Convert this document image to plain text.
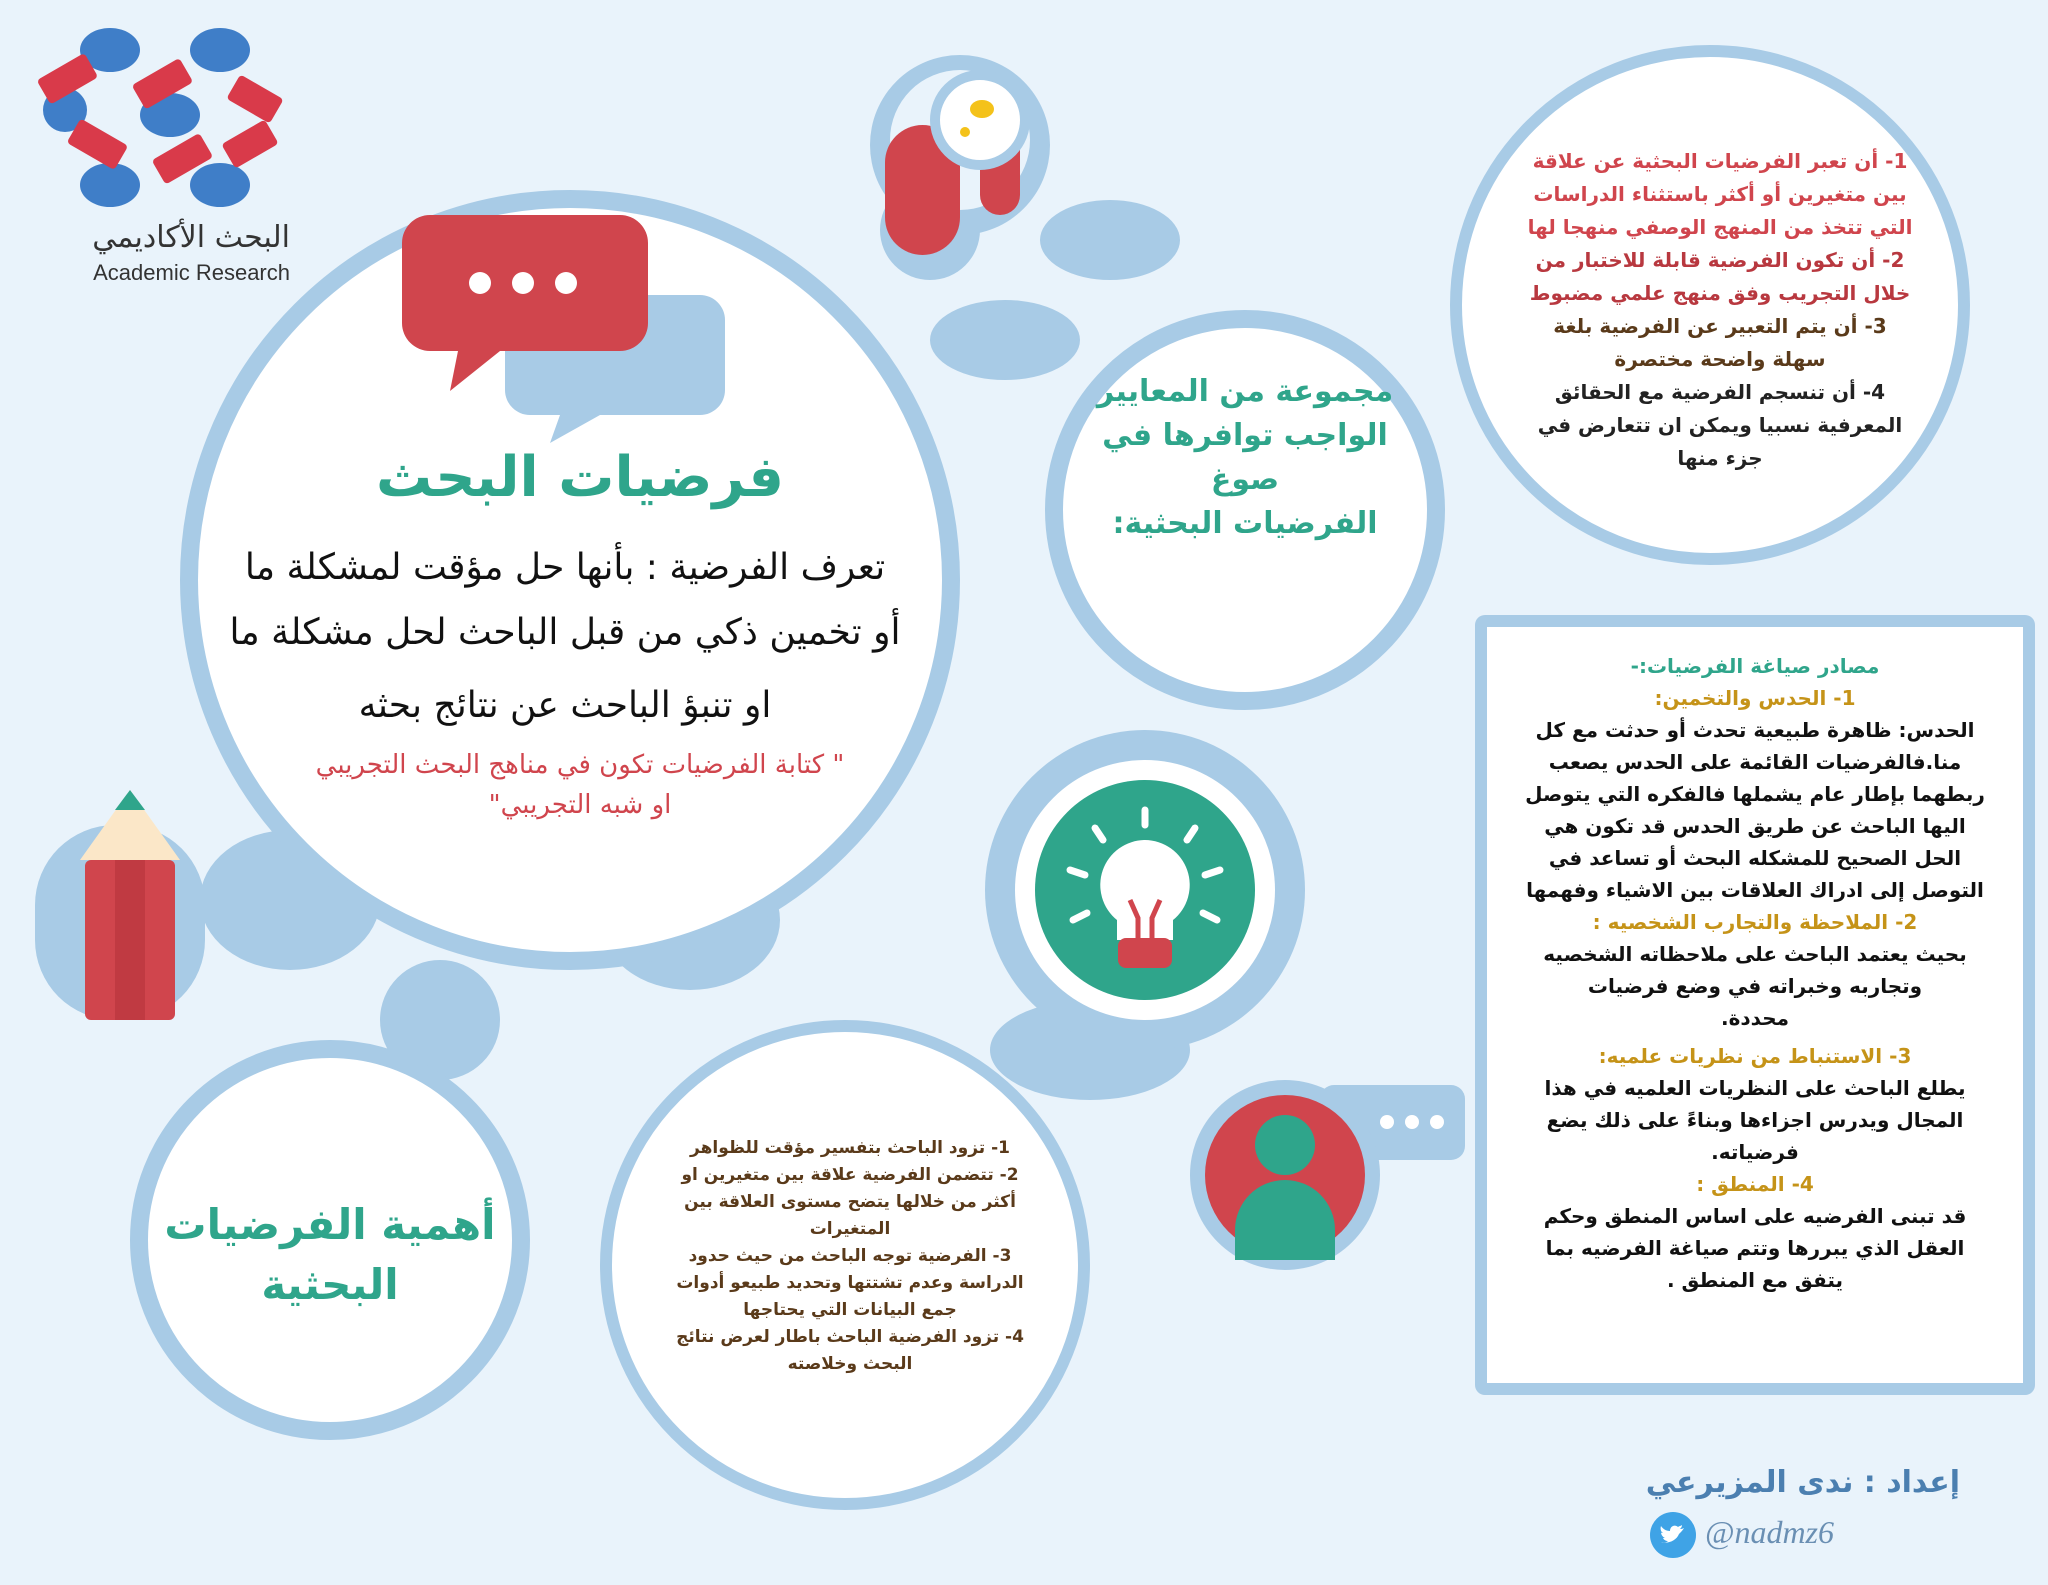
البحث الأكاديمي
Academic Research
فرضيات البحث
تعرف الفرضية : بأنها حل مؤقت لمشكلة ما
أو تخمين ذكي من قبل الباحث لحل مشكلة ما
او تنبؤ الباحث عن نتائج بحثه
" كتابة الفرضيات تكون في مناهج البحث التجريبي
او شبه التجريبي"
مجموعة من المعايير
الواجب توافرها في صوغ
الفرضيات البحثية:
1- أن تعبر الفرضيات البحثية عن علاقة
بين متغيرين أو أكثر باستثناء الدراسات
التي تتخذ من المنهج الوصفي منهجا لها
2- أن تكون الفرضية قابلة للاختبار من
خلال التجريب وفق منهج علمي مضبوط
3- أن يتم التعبير عن الفرضية بلغة
سهلة واضحة مختصرة
4- أن تنسجم الفرضية مع الحقائق
المعرفية نسبيا ويمكن ان تتعارض في
جزء منها
مصادر صياغة الفرضيات:-
1- الحدس والتخمين:
الحدس: ظاهرة طبيعية تحدث أو حدثت مع كل
منا.فالفرضيات القائمة على الحدس يصعب
ربطهما بإطار عام يشملها فالفكره التي يتوصل
اليها الباحث عن طريق الحدس قد تكون هي
الحل الصحيح للمشكله البحث أو تساعد في
التوصل إلى ادراك العلاقات بين الاشياء وفهمها
2- الملاحظة والتجارب الشخصيه :
بحيث يعتمد الباحث على ملاحظاته الشخصيه
وتجاربه وخبراته في وضع فرضيات
محددة.
3- الاستنباط من نظريات علميه:
يطلع الباحث على النظريات العلميه في هذا
المجال ويدرس اجزاءها وبناءً على ذلك يضع
فرضياته.
4- المنطق :
قد تبنى الفرضيه على اساس المنطق وحكم
العقل الذي يبررها وتتم صياغة الفرضيه بما
يتفق مع المنطق .
أهمية الفرضيات
البحثية
1- تزود الباحث بتفسير مؤقت للظواهر
2- تتضمن الفرضية علاقة بين متغيرين او
أكثر من خلالها يتضح مستوى العلاقة بين
المتغيرات
3- الفرضية توجه الباحث من حيث حدود
الدراسة وعدم تشتتها وتحديد طبيعو أدوات
جمع البيانات التي يحتاجها
4- تزود الفرضية الباحث باطار لعرض نتائج
البحث وخلاصته
إعداد : ندى المزيرعي
@nadmz6
